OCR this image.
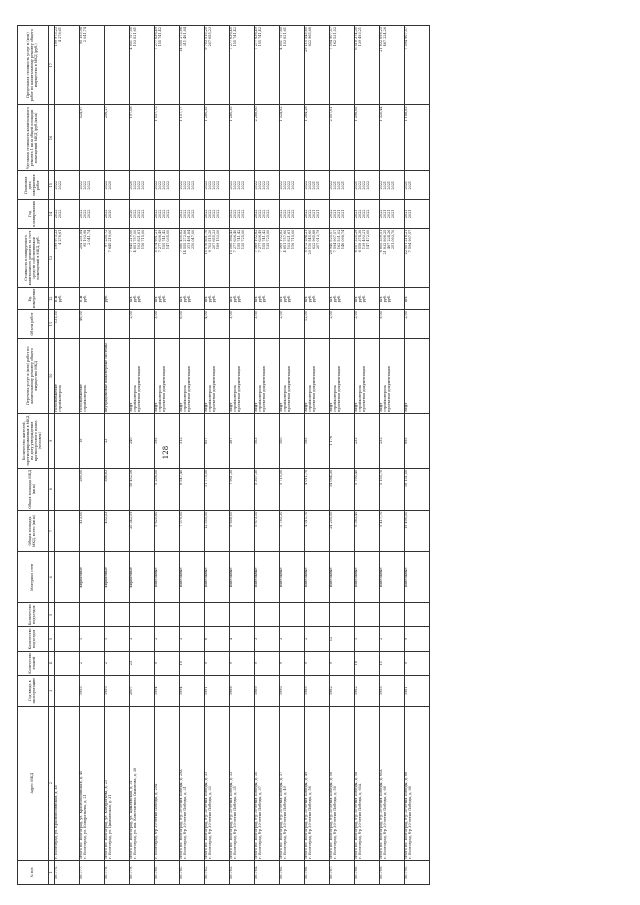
128
№ п/п	Адрес МКД	Год ввода в эксплуатацию	Количество этажей	Количество подъездов	Количество подъездов	Материал стен	Общая площадь МКД, всего (кв.м)	Общая площадь МКД (кв.м)	Количество жителей, зарегистрированных в МКД на дату утверждения краткосрочного плана (человек)	Перечень услуг и (или) работ по капитальному ремонту общего имущества МКД	Объем работ	Ед. измерения	Стоимость планируемого капитального ремонта за счет средств собственников помещений в МКД, руб.	Год планирования	Плановая дата завершения работ	Удельная стоимость капитального ремонта 1 кв.м общей площади помещений МКД (руб./кв.м)	Предельная стоимость услуг и (или) работ по капитальному ремонту общего имущества в МКД (руб.)
1	2	3	4	5	5	6	7	8	9	10	11	12	13	14	15	16	17
56.775.	г. Волгоград, ул. Краснополянская, д. 40									газоснабжение стройконтроль	131,30	п.м руб.	199 973,23 4 278,61	2022 2022	2022 2022		199 973,23 4 278,61

56.777.	Итого по: Волгоград, ул. Краснополянская, д. 40 г. Волгоград, ул. Кондратьева, д. 21	1955	2	1		кирпичные	413,00	389,00	19	газоснабжение стройконтроль	46,00	п.м руб.	204 251,84 95 193,98 2 041,74	2022 2022 2022	2022 2022 2022	524,97	95 193,98 2 041,74

56.778.	Итого по: Волгоград, ул. Кондратьева, д. 21 г. Волгоград, ул. Цимлянская, д. 31	1950	2	1		кирпичные	432,53	386,63	23	внутридомовые инженерные системы		руб.	97 235,72 7 645 219,00	2022 2020	2022 2020	256,27	

56.779.	Итого по: Волгоград, ул. Цимлянская, д. 31 г. Волгоград, ул. им. Константина Симонова, д. 38	2007	23	3		кирпичные	20 342,59	18 452,56	240	лифт стройконтроль проектная документация	2,00	шт. руб. руб.	7 645 219,00 4 851 757,00 103 821,61 116 715,00	2020 2022 2022 2022	2020 2022 2022 2022	197,08	4 851 757,00 103 821,61

56.780.	г. Волгоград, б-р 30-летия Победы, д. 29А	1994	9	2		панельные	5 620,60	5 256,00	195	лифт стройконтроль проектная документация	3,00	шт. руб. руб.	5 074 991,21 7 277 636,49 155 741,42 147 035,00	2022 2022 2022 2022	2022 2022 2022 2022	1 537,72	7 277 636,49 155 741,42

56.781.	Итого по: Волгоград, б-р 30-летия Победы, д. 29А г. Волгоград, б-р 30-летия Победы, д. 31	1994	10	3		панельные	7 070,00	6 547,40	312	лифт стройконтроль проектная документация	6,00	шт. руб. руб.	7 580 400,82 14 555 272,86 311 481,84 210 047,00	2022 2022 2022 2022	2022 2022 2022 2022	1 157,77	14 555 272,86 311 481,84

56.782.	Итого по: Волгоград, б-р 30-летия Победы, д. 31 г. Волгоград, б-р 30-летия Победы, д. 33	1991	9	6		панельные	12 555,50	11 775,50	657	лифт стройконтроль проектная документация	4,00	шт. руб. руб.	15 076 801,70 9 703 515,20 207 655,23 189 153,00	2022 2022 2022 2022	2022 2022 2022 2022	1 280,35	9 703 515,20 207 655,23

56.783.	Итого по: Волгоград, б-р 30-летия Победы, д. 33 г. Волгоград, б-р 30-летия Победы, д. 35	1988	9	4		панельные	8 608,00	7 961,30	387	лифт стройконтроль проектная документация	3,00	шт. руб. руб.	10 066 364,43 7 277 636,40 155 741,42 135 725,00	2022 2022 2022 2022	2022 2022 2022 2022	1 280,35	7 277 636,40 155 741,42

56.784.	Итого по: Волгоград, б-р 30-летия Победы, д. 35 г. Волгоград, б-р 30-летия Победы, д. 37	1989	9	3		панельные	5 673,10	5 307,30	103	лифт стройконтроль проектная документация	3,00	шт. руб. руб.	7 569 102,82 7 277 636,49 155 741,42 135 725,00	2022 2022 2022 2022	2022 2022 2022 2022	2 288,60	7 277 636,49 155 741,42

56.785.	Итого по: Волгоград, б-р 30-летия Победы, д. 37 г. Волгоград, б-р 30-летия Победы, д. 49	1990	9	3		панельные	5 783,30	5 715,50	100	лифт стройконтроль проектная документация	2,00	шт. руб. руб.	7 569 102,82 4 851 757,60 103 821,61 116 715,00	2022 2022 2022 2022	2022 2022 2022 2022	1 324,82	4 851 757,60 103 821,61

56.786.	Итого по: Волгоград, б-р 30-летия Победы, д. 49 г. Волгоград, б-р 30-летия Победы, д. 56	1985	9	2		панельные	4 011,70	4 011,70	185	лифт стройконтроль проектная документация	12,00	шт. руб. руб.	5 072 294,21 29 110 545,60 622 965,68 207 013,79	2022 2022 2021 2021	2022 2022 2021 2021	1 264,28	29 110 545,60 622 965,68

56.787.	Итого по: Волгоград, б-р 30-летия Победы, д. 56 г. Волгоград, б-р 30-летия Победы, д. 58	1982	9	12		панельные	24 205,50	14 084,30	1 176	лифт стройконтроль проектная документация	2,00	шт. руб. руб.	29 940 525,07 7 594 907,57 162 531,02 148 098,74	2022 2021 2021 2021	2022 2021 2021 2021	2 057,61	7 594 907,57 162 531,02

56.788.	Итого по: Волгоград, б-р 30-летия Победы, д. 58 г. Волгоград, б-р 30-летия Победы, д. 60А	1982	16	1		панельные	6 383,40	5 790,40	233	лифт стройконтроль проектная документация	2,00	шт. руб. руб.	8 107 325,29 6 518 374,30 139 493,21 147 472,00	2021 2022 2022 2022	2021 2022 2022 2022	1 398,65	6 518 374,30 139 493,21

56.789.	Итого по: Волгоград, б-р 30-летия Победы, д. 60А г. Волгоград, б-р 30-летия Победы, д. 66	1955	11	2		панельные	5 417,70	5 155,70	232	лифт стройконтроль проектная документация	9,00	шт. руб. руб.	6 805 339,51 21 832 898,25 467 224,26 251 093,70	2022 2021 2021 2021	2022 2021 2021 2021	1 320,44	21 832 898,25 467 224,26

56.790.	Итого по: Волгоград, б-р 30-летия Победы, д. 66 г. Волгоград, б-р 30-летия Победы, д. 68	1981	9	9		панельные	19 490,50	18 131,50	895	лифт	2,00	шт.	22 551 216,21 7 594 907,57	2021 2021	2021 2021	1 188,83	7 594 907,57
